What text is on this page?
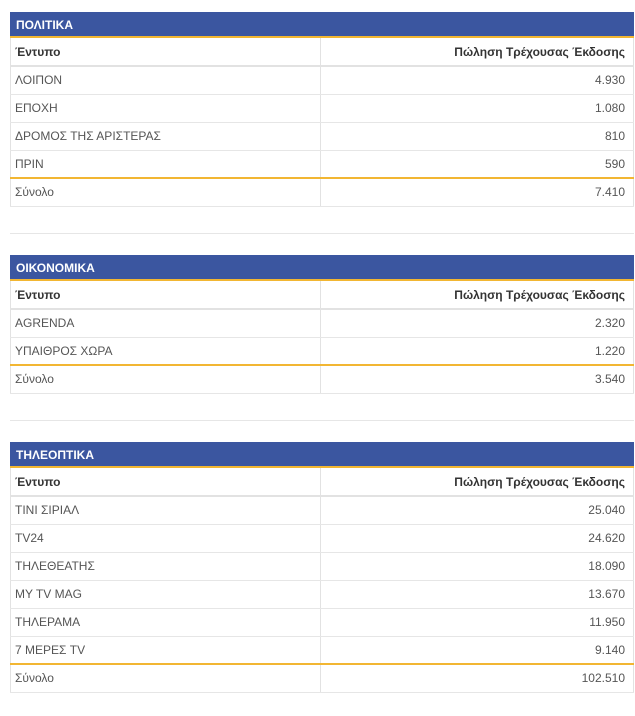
ΠΟΛΙΤΙΚΑ
Έντυπο	Πώληση Τρέχουσας Έκδοσης
ΛΟΙΠΟΝ	4.930
ΕΠΟΧΗ	1.080
ΔΡΟΜΟΣ ΤΗΣ ΑΡΙΣΤΕΡΑΣ	810
ΠΡΙΝ	590
Σύνολο	7.410
ΟΙΚΟΝΟΜΙΚΑ
Έντυπο	Πώληση Τρέχουσας Έκδοσης
AGRENDA	2.320
ΥΠΑΙΘΡΟΣ ΧΩΡΑ	1.220
Σύνολο	3.540
ΤΗΛΕΟΠΤΙΚΑ
Έντυπο	Πώληση Τρέχουσας Έκδοσης
ΤΙΝΙ ΣΙΡΙΑΛ	25.040
TV24	24.620
ΤΗΛΕΘΕΑΤΗΣ	18.090
MY TV MAG	13.670
ΤΗΛΕΡΑΜΑ	11.950
7 ΜΕΡΕΣ TV	9.140
Σύνολο	102.510
